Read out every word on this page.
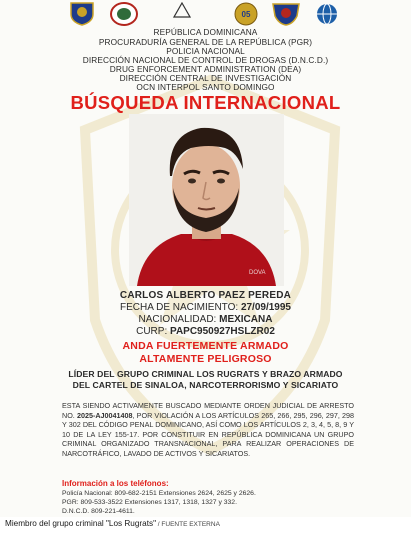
05
REPÚBLICA DOMINICANA
PROCURADURÍA GENERAL DE LA REPÚBLICA (PGR)
POLICIA NACIONAL
DIRECCIÓN NACIONAL DE CONTROL DE DROGAS (D.N.C.D.)
DRUG ENFORCEMENT ADMINISTRATION (DEA)
DIRECCIÓN CENTRAL DE INVESTIGACIÓN
OCN INTERPOL SANTO DOMINGO
BÚSQUEDA INTERNACIONAL
DOVA
CARLOS ALBERTO PAEZ PEREDA
FECHA DE NACIMIENTO: 27/09/1995
NACIONALIDAD: MEXICANA
CURP: PAPC950927HSLZR02
ANDA FUERTEMENTE ARMADO
ALTAMENTE PELIGROSO
LÍDER DEL GRUPO CRIMINAL LOS RUGRATS Y BRAZO ARMADO
DEL CARTEL DE SINALOA, NARCOTERRORISMO Y SICARIATO
ESTA SIENDO ACTIVAMENTE BUSCADO MEDIANTE ORDEN JUDICIAL DE ARRESTO NO. 2025-AJ0041408, POR VIOLACIÓN A LOS ARTÍCULOS 265, 266, 295, 296, 297, 298 Y 302 DEL CÓDIGO PENAL DOMINICANO, ASÍ COMO LOS ARTÍCULOS 2, 3, 4, 5, 8, 9 Y 10 DE LA LEY 155-17. POR CONSTITUIR EN REPÚBLICA DOMINICANA UN GRUPO CRIMINAL ORGANIZADO TRANSNACIONAL, PARA REALIZAR OPERACIONES DE NARCOTRÁFICO, LAVADO DE ACTIVOS Y SICARIATOS.
Información a los teléfonos:
Policía Nacional: 809-682-2151 Extensiones 2624, 2625 y 2626.
PGR: 809-533-3522 Extensiones 1317, 1318, 1327 y 332.
D.N.C.D. 809-221-4611.
Miembro del grupo criminal "Los Rugrats" / FUENTE EXTERNA
